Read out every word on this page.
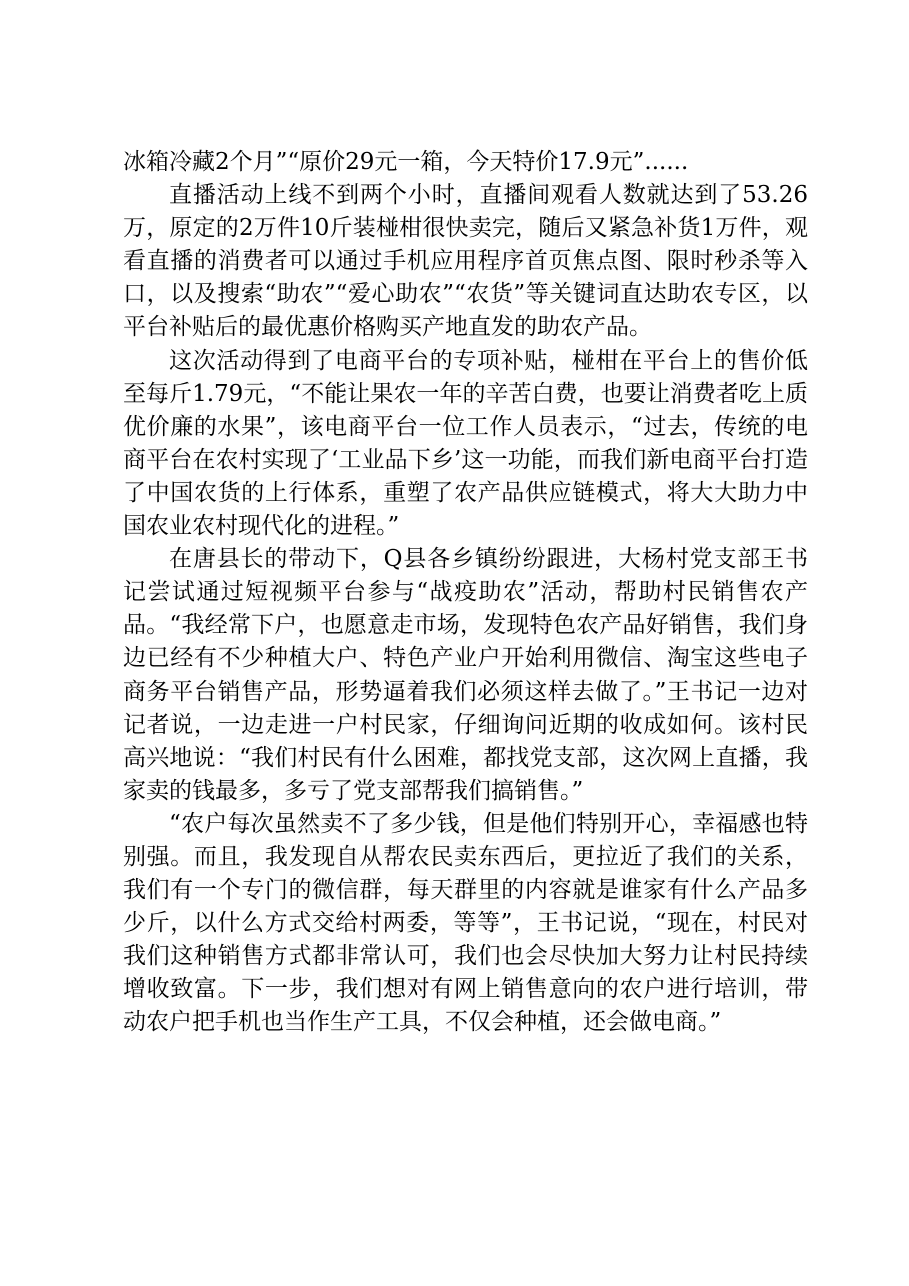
冰箱冷藏2个月”“原价29元一箱，今天特价17.9元”......

直播活动上线不到两个小时，直播间观看人数就达到了53.26万，原定的2万件10斤装椪柑很快卖完，随后又紧急补货1万件，观看直播的消费者可以通过手机应用程序首页焦点图、限时秒杀等入口，以及搜索“助农”“爱心助农”“农货”等关键词直达助农专区，以平台补贴后的最优惠价格购买产地直发的助农产品。

这次活动得到了电商平台的专项补贴，椪柑在平台上的售价低至每斤1.79元，“不能让果农一年的辛苦白费，也要让消费者吃上质优价廉的水果”，该电商平台一位工作人员表示，“过去，传统的电商平台在农村实现了‘工业品下乡’这一功能，而我们新电商平台打造了中国农货的上行体系，重塑了农产品供应链模式，将大大助力中国农业农村现代化的进程。”

在唐县长的带动下，Q县各乡镇纷纷跟进，大杨村党支部王书记尝试通过短视频平台参与“战疫助农”活动，帮助村民销售农产品。“我经常下户，也愿意走市场，发现特色农产品好销售，我们身边已经有不少种植大户、特色产业户开始利用微信、淘宝这些电子商务平台销售产品，形势逼着我们必须这样去做了。”王书记一边对记者说，一边走进一户村民家，仔细询问近期的收成如何。该村民高兴地说：“我们村民有什么困难，都找党支部，这次网上直播，我家卖的钱最多，多亏了党支部帮我们搞销售。”

“农户每次虽然卖不了多少钱，但是他们特别开心，幸福感也特别强。而且，我发现自从帮农民卖东西后，更拉近了我们的关系，我们有一个专门的微信群，每天群里的内容就是谁家有什么产品多少斤，以什么方式交给村两委，等等”，王书记说，“现在，村民对我们这种销售方式都非常认可，我们也会尽快加大努力让村民持续增收致富。下一步，我们想对有网上销售意向的农户进行培训，带动农户把手机也当作生产工具，不仅会种植，还会做电商。”
